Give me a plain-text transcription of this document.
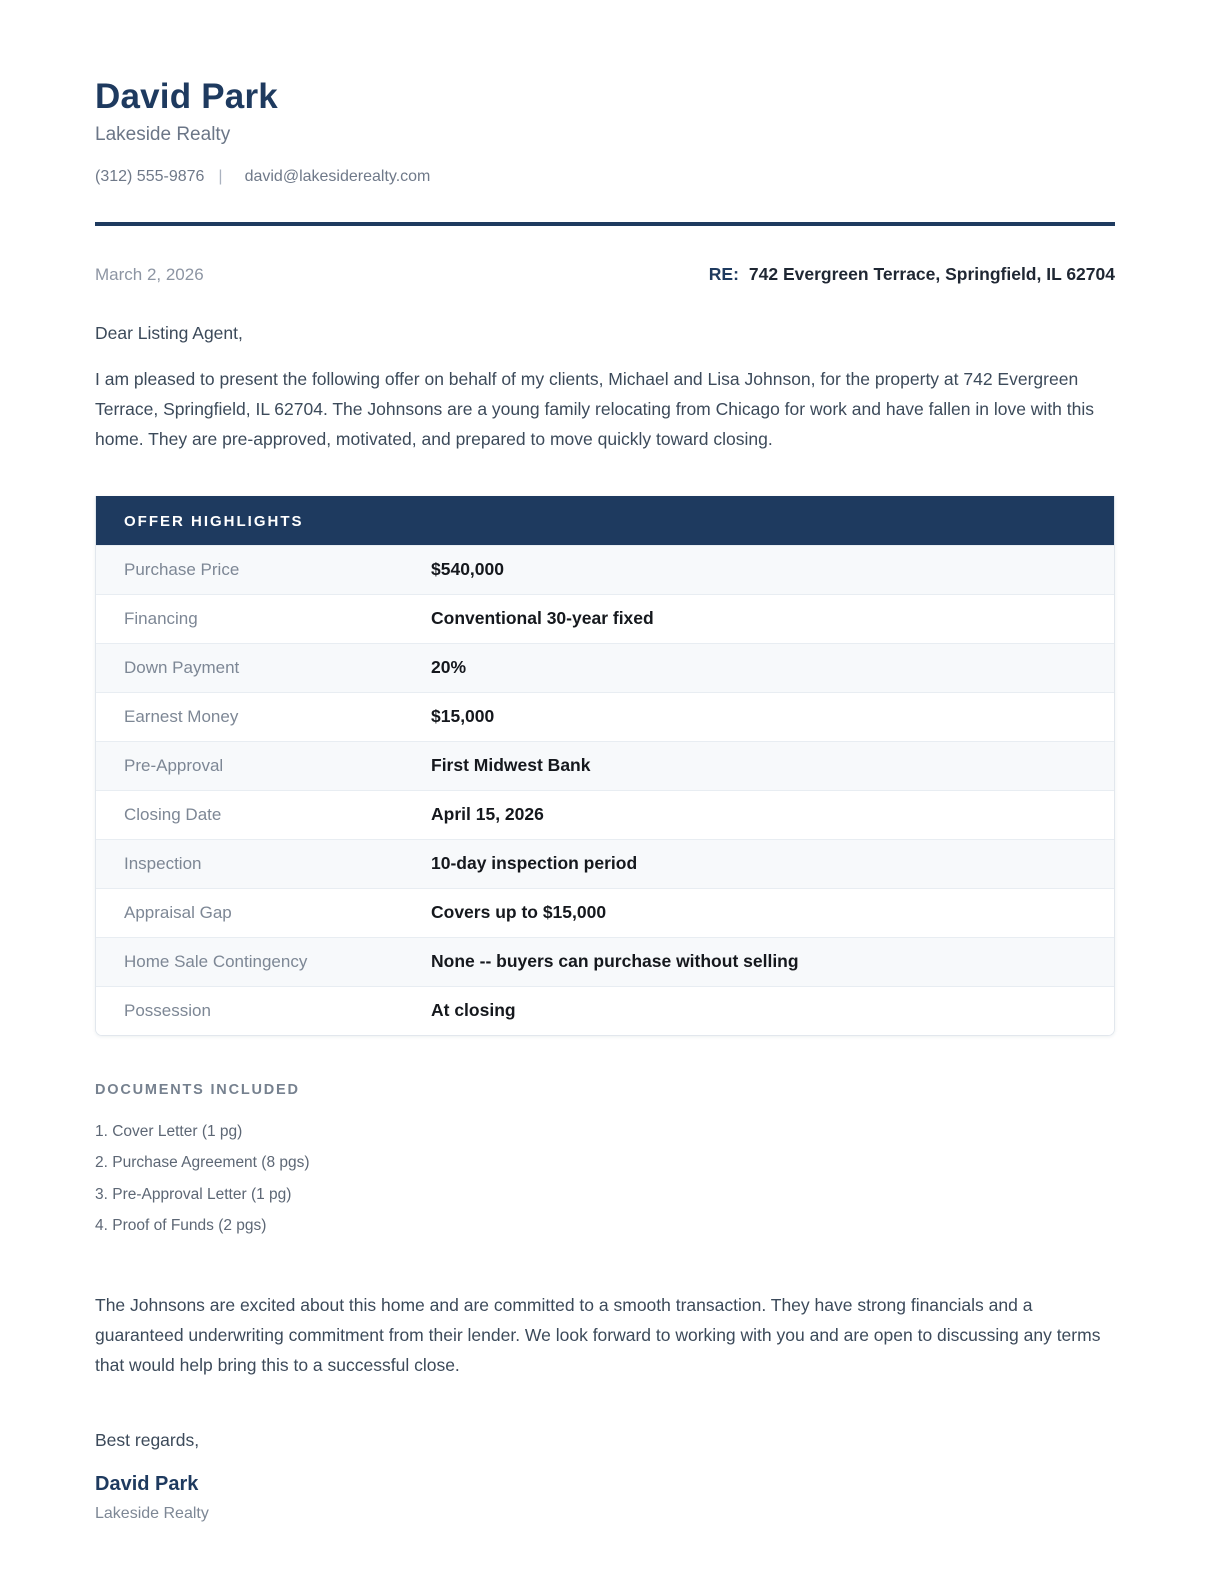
David Park
Lakeside Realty
(312) 555-9876 | david@lakesiderealty.com
March 2, 2026	RE: 742 Evergreen Terrace, Springfield, IL 62704
Dear Listing Agent,
I am pleased to present the following offer on behalf of my clients, Michael and Lisa Johnson, for the property at 742 Evergreen Terrace, Springfield, IL 62704. The Johnsons are a young family relocating from Chicago for work and have fallen in love with this home. They are pre-approved, motivated, and prepared to move quickly toward closing.
OFFER HIGHLIGHTS
Purchase Price	$540,000
Financing	Conventional 30-year fixed
Down Payment	20%
Earnest Money	$15,000
Pre-Approval	First Midwest Bank
Closing Date	April 15, 2026
Inspection	10-day inspection period
Appraisal Gap	Covers up to $15,000
Home Sale Contingency	None -- buyers can purchase without selling
Possession	At closing
DOCUMENTS INCLUDED
1. Cover Letter (1 pg)
2. Purchase Agreement (8 pgs)
3. Pre-Approval Letter (1 pg)
4. Proof of Funds (2 pgs)
The Johnsons are excited about this home and are committed to a smooth transaction. They have strong financials and a guaranteed underwriting commitment from their lender. We look forward to working with you and are open to discussing any terms that would help bring this to a successful close.
Best regards,
David Park
Lakeside Realty
